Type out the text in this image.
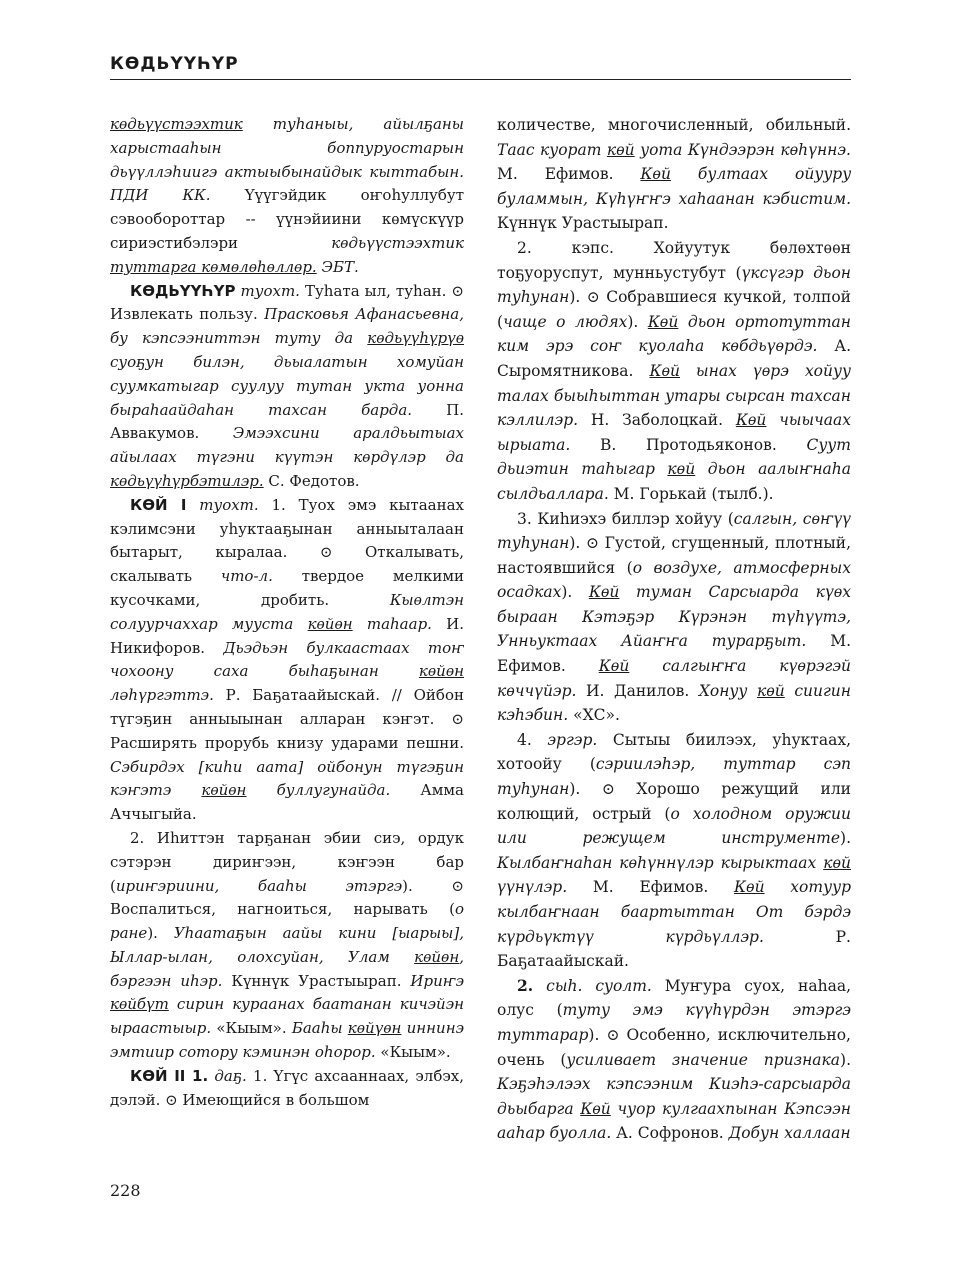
КӨДЬҮҮҺҮР

кѳдьүүстээхтик туһаныы, айылҕаны харыстааһын боппуруостарын дьүүллэһиигэ актыыбынайдык кыттабын. ПДИ КК. Үүүгэйдик оҥоһуллубут сэвообороттар -- үүнэйиини кѳмүскүүр сириэстибэлэри кѳдьүүстээхтик туттарга кѳмѳлѳһѳллѳр. ЭБТ.

КӨДЬҮҮҺҮР туохт. Туһата ыл, туһан. ⊙ Извлекать пользу. Прасковья Афанасьевна, бу кэпсээниттэн туту да кѳдьүүһүрүѳ суоҕун билэн, дьыалатын хомуйан суумкатыгар суулуу тутан укта уонна быраһаайдаһан тахсан барда. П. Аввакумов. Эмээхсини аралдьытыах айылаах түгэни күүтэн кѳрдүлэр да кѳдьүүһүрбэтилэр. С. Федотов.

КӨЙ I туохт. 1. Туох эмэ кытаанах кэлимсэни уһуктааҕынан анныыталаан бытарыт, кыралаа. ⊙ Откалывать, скалывать что-л. твердое мелкими кусочками, дробить. Кыѳлтэн солуурчаххар мууста кѳйѳн таһаар. И. Никифоров. Дьэдьэн булкаастаах тоҥ чохоону саха быһаҕынан кѳйѳн ләһүргэттэ. Р. Баҕатаайыскай. // Ойбон түгэҕин анныыынан алларан кэҥэт. ⊙ Расширять прорубь книзу ударами пешни. Сэбирдэх [киһи аата] ойбонун түгэҕин кэҥэтэ кѳйѳн буллугунайда. Амма Аччыгыйа.

2. Иһиттэн тарҕанан эбии сиэ, ордук сэтэрэн дириҥээн, кэҥээн бар (ириҥэриини, бааһы этэргэ). ⊙ Воспалиться, нагноиться, нарывать (о ране). Уһаатаҕын аайы кини [ыарыы], Ыллар-ылан, олохсуйан, Улам кѳйѳн, бэргээн иһэр. Күннүк Урастыырап. Ириҥэ кѳйбүт сирин кураанах баатанан кичэйэн ыраастыыр. «Кыым». Бааһы кѳйүѳн иннинэ эмтиир сотору кэминэн оһорор. «Кыым».

КӨЙ II 1. даҕ. 1. Үгүс ахсааннаах, элбэх, дэлэй. ⊙ Имеющийся в большом

количестве, многочисленный, обильный. Таас куорат кѳй уота Күндээрэн кѳһүннэ. М. Ефимов. Кѳй бултаах ойуурy буламмын, Күһүҥҥэ хаһаанан кэбистим. Күннүк Урастыырап.

2. кэпс. Хойуутук бѳлѳхтѳѳн тоҕуоруспут, мунньустубут (үксүгэр дьон туһунан). ⊙ Собравшиеся кучкой, толпой (чаще о людях). Кѳй дьон ортотуттан ким эрэ соҥ куолаһа кѳбдьүѳрдэ. А. Сыромятникова. Кѳй ынах үѳрэ хойуу талах быыһыттан утары сырсан тахсан кэллилэр. Н. Заболоцкай. Кѳй чыычаах ырыата. В. Протодьяконов. Суут дьиэтин таһыгар кѳй дьон аалыҥнаһа сылдьаллара. М. Горькай (тылб.).

3. Киһиэхэ биллэр хойуу (салгын, сѳҥүү туһунан). ⊙ Густой, сгущенный, плотный, настоявшийся (о воздухе, атмосферных осадках). Кѳй туман Сарсыарда күѳх быраан Кэтэҕэр Күрэнэн түһүүтэ, Унньуктаах Айаҥҥа турарҕыт. М. Ефимов. Кѳй салгыҥҥа күѳрэгэй кѳччүйэр. И. Данилов. Хонуу кѳй сиигин кэһэбин. «ХС».

4. эргэр. Сытыы биилээх, уһуктаах, хотоойу (сэриилэһэр, туттар сэп туһунан). ⊙ Хорошо режущий или колющий, острый (о холодном оружии или режущем инструменте). Кылбаҥнаһан кѳһүннүлэр кырыктаах кѳй үүнүлэр. М. Ефимов. Кѳй хотуур кылбаҥнаан баартыттан От бэрдэ күрдьүктүү күрдьүллэр. Р. Баҕатаайыскай.

2. сыһ. суолт. Муҥура суох, наһаа, олус (туту эмэ күүһүрдэн этэргэ туттарар). ⊙ Особенно, исключительно, очень (усиливает значение признака). Кэҕэһэлээх кэпсээним Киэһэ-сарсыарда дьыбарга Кѳй чуор кулгаахпынан Кэпсээн ааһар буолла. А. Софронов. Добун халлаан

228
